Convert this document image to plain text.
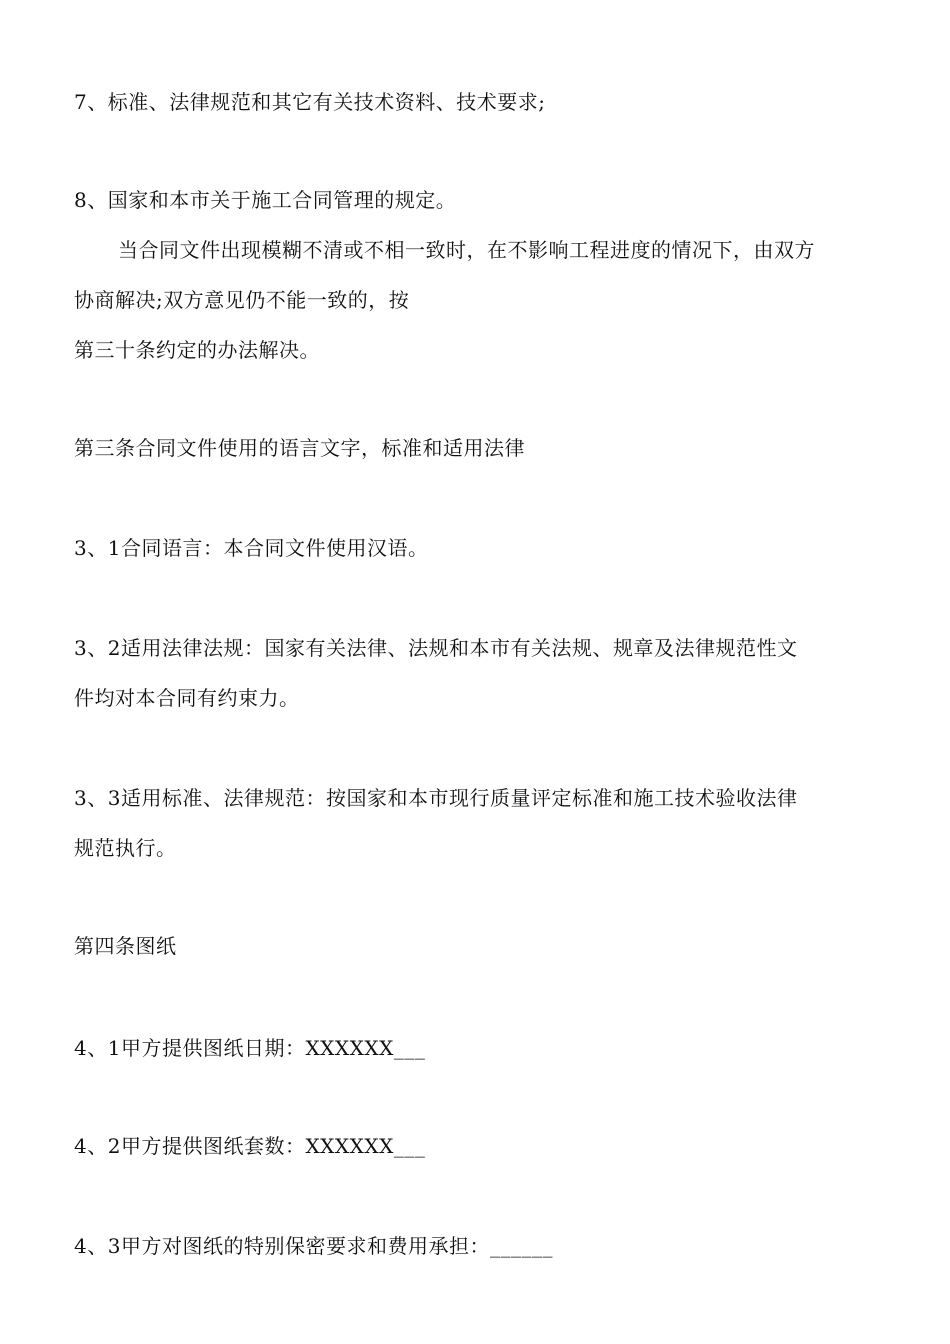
7、标准、法律规范和其它有关技术资料、技术要求;
8、国家和本市关于施工合同管理的规定。
当合同文件出现模糊不清或不相一致时，在不影响工程进度的情况下，由双方
协商解决;双方意见仍不能一致的，按
第三十条约定的办法解决。
第三条合同文件使用的语言文字，标准和适用法律
3、1合同语言：本合同文件使用汉语。
3、2适用法律法规：国家有关法律、法规和本市有关法规、规章及法律规范性文
件均对本合同有约束力。
3、3适用标准、法律规范：按国家和本市现行质量评定标准和施工技术验收法律
规范执行。
第四条图纸
4、1甲方提供图纸日期：XXXXXX___
4、2甲方提供图纸套数：XXXXXX___
4、3甲方对图纸的特别保密要求和费用承担：______
